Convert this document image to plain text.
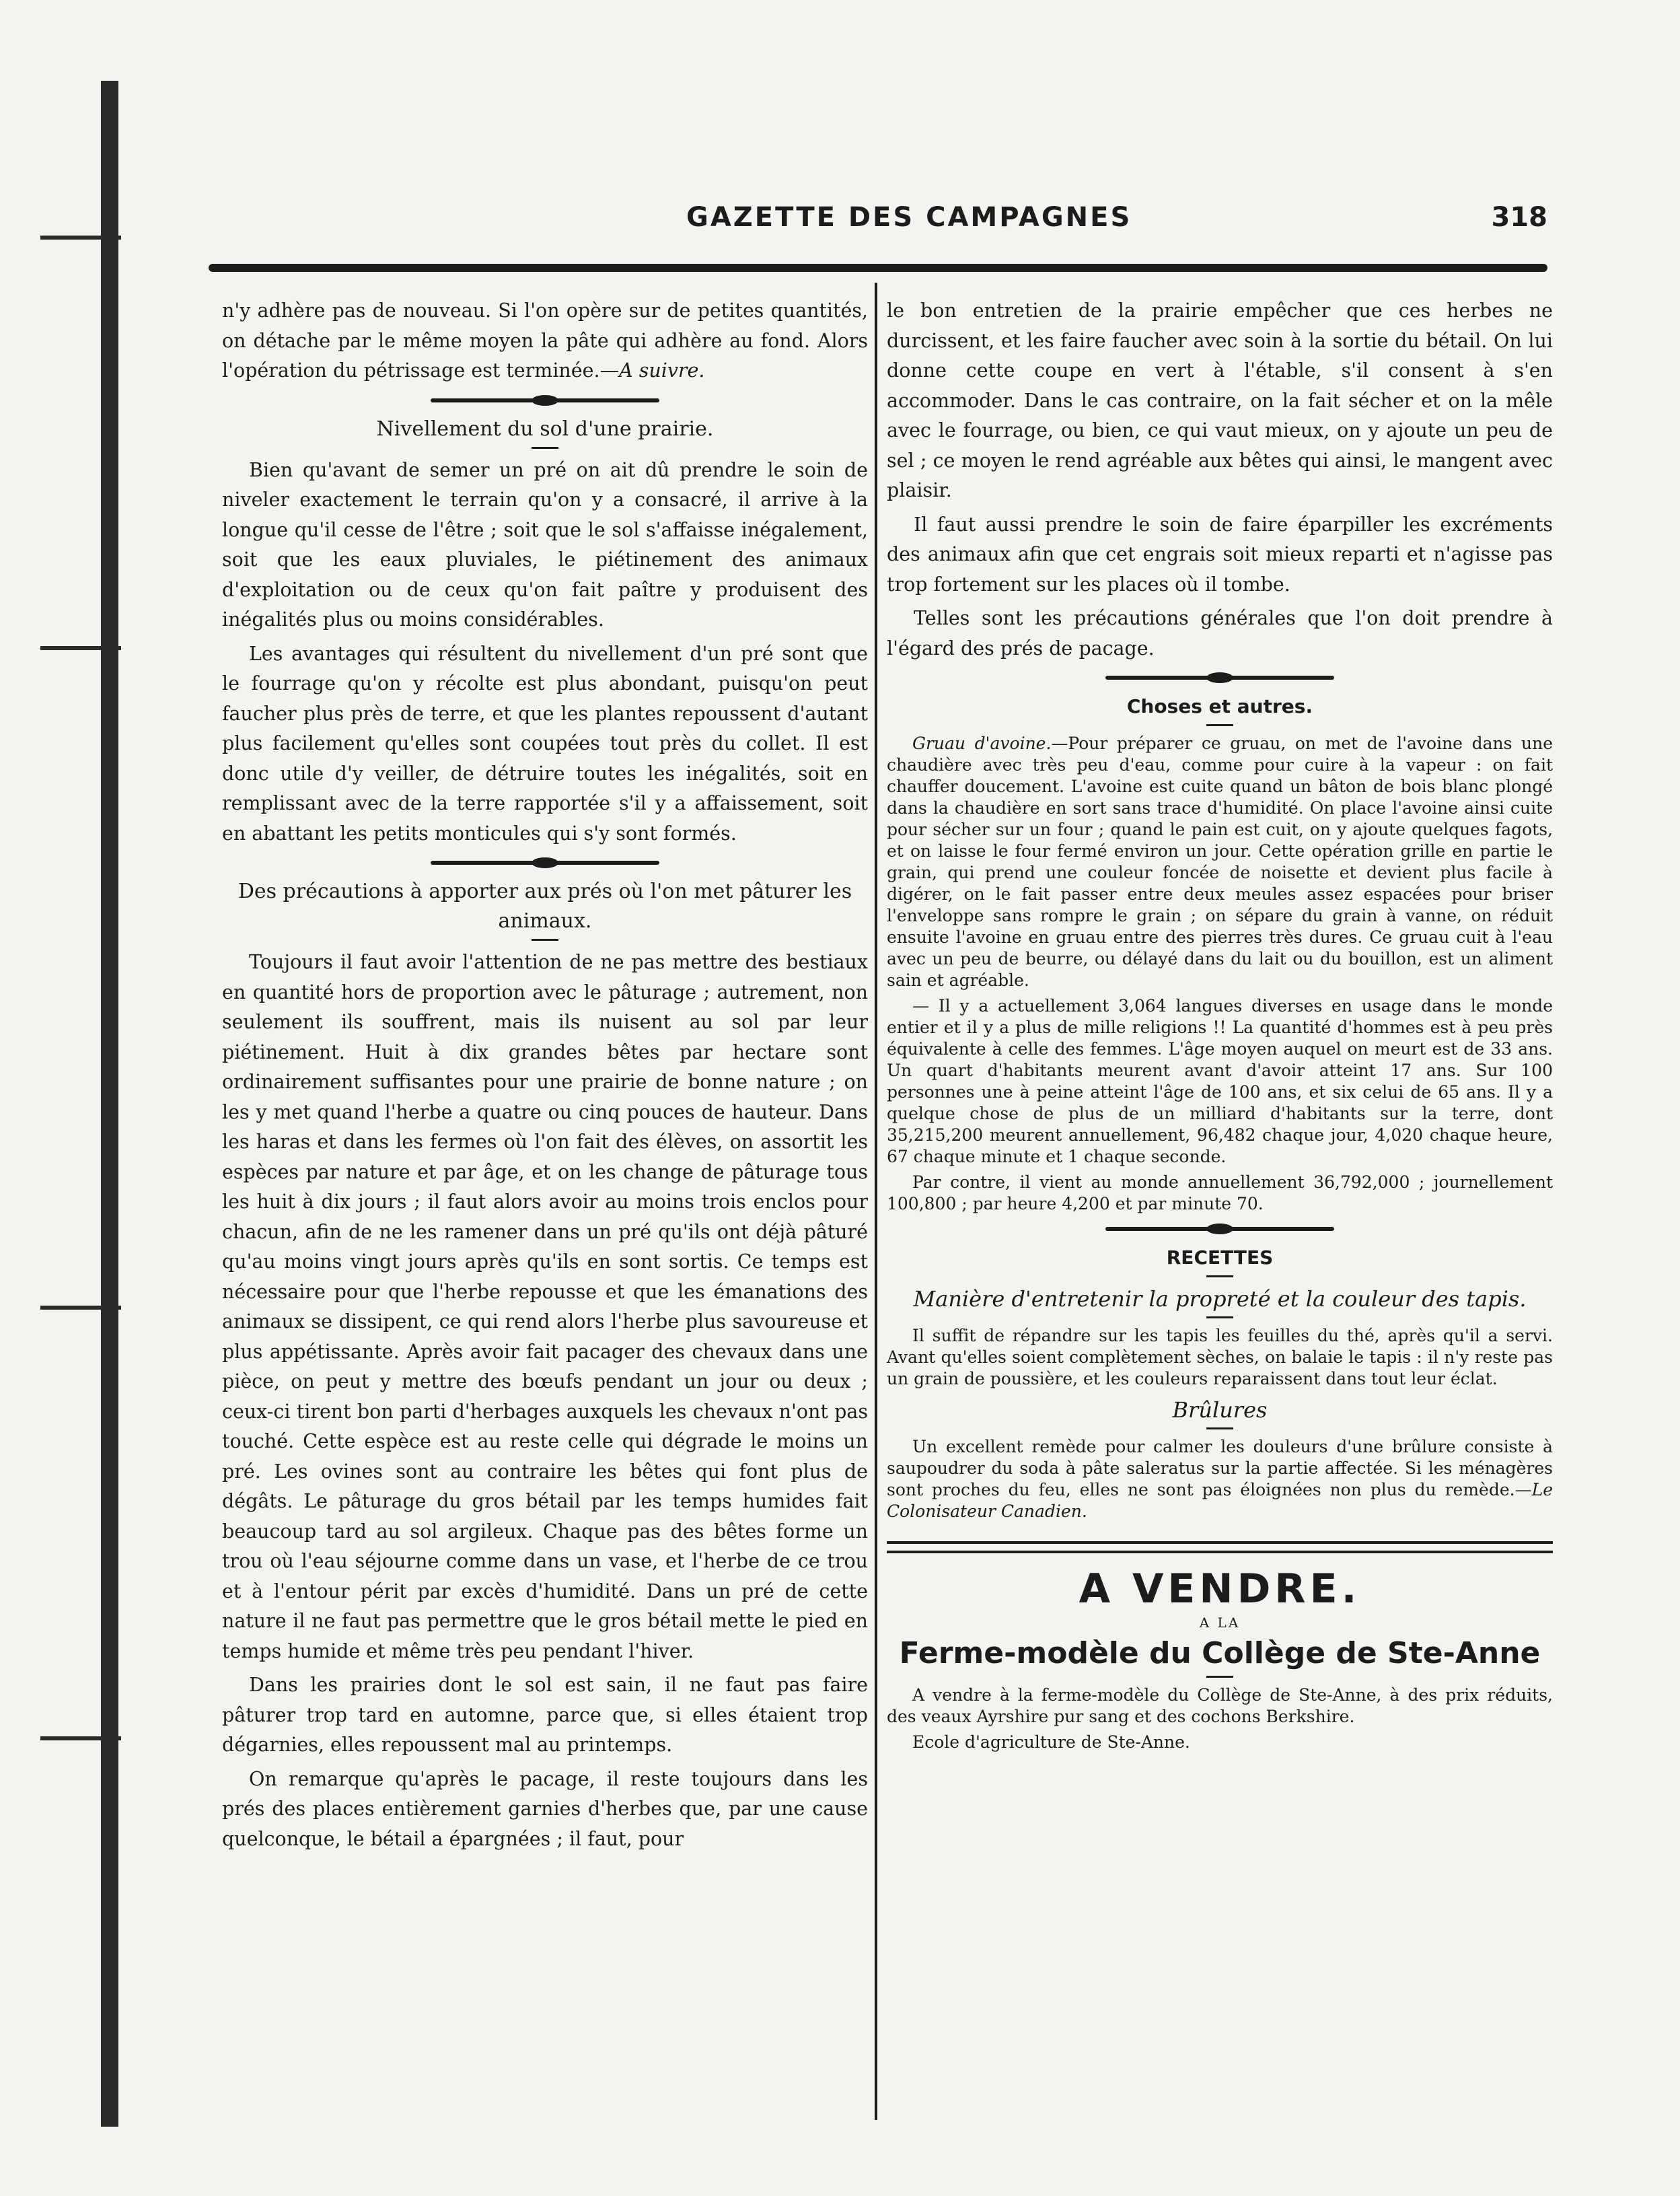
GAZETTE DES CAMPAGNES	318

n'y adhère pas de nouveau. Si l'on opère sur de petites quantités, on détache par le même moyen la pâte qui adhère au fond. Alors l'opération du pétrissage est terminée.—A suivre.

Nivellement du sol d'une prairie.

Bien qu'avant de semer un pré on ait dû prendre le soin de niveler exactement le terrain qu'on y a consacré, il arrive à la longue qu'il cesse de l'être ; soit que le sol s'affaisse inégalement, soit que les eaux pluviales, le piétinement des animaux d'exploitation ou de ceux qu'on fait paître y produisent des inégalités plus ou moins considérables.

Les avantages qui résultent du nivellement d'un pré sont que le fourrage qu'on y récolte est plus abondant, puisqu'on peut faucher plus près de terre, et que les plantes repoussent d'autant plus facilement qu'elles sont coupées tout près du collet. Il est donc utile d'y veiller, de détruire toutes les inégalités, soit en remplissant avec de la terre rapportée s'il y a affaissement, soit en abattant les petits monticules qui s'y sont formés.

Des précautions à apporter aux prés où l'on met pâturer les animaux.

Toujours il faut avoir l'attention de ne pas mettre des bestiaux en quantité hors de proportion avec le pâturage ; autrement, non seulement ils souffrent, mais ils nuisent au sol par leur piétinement. Huit à dix grandes bêtes par hectare sont ordinairement suffisantes pour une prairie de bonne nature ; on les y met quand l'herbe a quatre ou cinq pouces de hauteur. Dans les haras et dans les fermes où l'on fait des élèves, on assortit les espèces par nature et par âge, et on les change de pâturage tous les huit à dix jours ; il faut alors avoir au moins trois enclos pour chacun, afin de ne les ramener dans un pré qu'ils ont déjà pâturé qu'au moins vingt jours après qu'ils en sont sortis. Ce temps est nécessaire pour que l'herbe repousse et que les émanations des animaux se dissipent, ce qui rend alors l'herbe plus savoureuse et plus appétissante. Après avoir fait pacager des chevaux dans une pièce, on peut y mettre des bœufs pendant un jour ou deux ; ceux-ci tirent bon parti d'herbages auxquels les chevaux n'ont pas touché. Cette espèce est au reste celle qui dégrade le moins un pré. Les ovines sont au contraire les bêtes qui font plus de dégâts. Le pâturage du gros bétail par les temps humides fait beaucoup tard au sol argileux. Chaque pas des bêtes forme un trou où l'eau séjourne comme dans un vase, et l'herbe de ce trou et à l'entour périt par excès d'humidité. Dans un pré de cette nature il ne faut pas permettre que le gros bétail mette le pied en temps humide et même très peu pendant l'hiver.

Dans les prairies dont le sol est sain, il ne faut pas faire pâturer trop tard en automne, parce que, si elles étaient trop dégarnies, elles repoussent mal au printemps.

On remarque qu'après le pacage, il reste toujours dans les prés des places entièrement garnies d'herbes que, par une cause quelconque, le bétail a épargnées ; il faut, pour

le bon entretien de la prairie empêcher que ces herbes ne durcissent, et les faire faucher avec soin à la sortie du bétail. On lui donne cette coupe en vert à l'étable, s'il consent à s'en accommoder. Dans le cas contraire, on la fait sécher et on la mêle avec le fourrage, ou bien, ce qui vaut mieux, on y ajoute un peu de sel ; ce moyen le rend agréable aux bêtes qui ainsi, le mangent avec plaisir.

Il faut aussi prendre le soin de faire éparpiller les excréments des animaux afin que cet engrais soit mieux reparti et n'agisse pas trop fortement sur les places où il tombe.

Telles sont les précautions générales que l'on doit prendre à l'égard des prés de pacage.

Choses et autres.

Gruau d'avoine.—Pour préparer ce gruau, on met de l'avoine dans une chaudière avec très peu d'eau, comme pour cuire à la vapeur : on fait chauffer doucement. L'avoine est cuite quand un bâton de bois blanc plongé dans la chaudière en sort sans trace d'humidité. On place l'avoine ainsi cuite pour sécher sur un four ; quand le pain est cuit, on y ajoute quelques fagots, et on laisse le four fermé environ un jour. Cette opération grille en partie le grain, qui prend une couleur foncée de noisette et devient plus facile à digérer, on le fait passer entre deux meules assez espacées pour briser l'enveloppe sans rompre le grain ; on sépare du grain à vanne, on réduit ensuite l'avoine en gruau entre des pierres très dures. Ce gruau cuit à l'eau avec un peu de beurre, ou délayé dans du lait ou du bouillon, est un aliment sain et agréable.

— Il y a actuellement 3,064 langues diverses en usage dans le monde entier et il y a plus de mille religions !! La quantité d'hommes est à peu près équivalente à celle des femmes. L'âge moyen auquel on meurt est de 33 ans. Un quart d'habitants meurent avant d'avoir atteint 17 ans. Sur 100 personnes une à peine atteint l'âge de 100 ans, et six celui de 65 ans. Il y a quelque chose de plus de un milliard d'habitants sur la terre, dont 35,215,200 meurent annuellement, 96,482 chaque jour, 4,020 chaque heure, 67 chaque minute et 1 chaque seconde.

Par contre, il vient au monde annuellement 36,792,000 ; journellement 100,800 ; par heure 4,200 et par minute 70.

RECETTES
Manière d'entretenir la propreté et la couleur des tapis.

Il suffit de répandre sur les tapis les feuilles du thé, après qu'il a servi. Avant qu'elles soient complètement sèches, on balaie le tapis : il n'y reste pas un grain de poussière, et les couleurs reparaissent dans tout leur éclat.

Brûlures

Un excellent remède pour calmer les douleurs d'une brûlure consiste à saupoudrer du soda à pâte saleratus sur la partie affectée. Si les ménagères sont proches du feu, elles ne sont pas éloignées non plus du remède.—Le Colonisateur Canadien.

A VENDRE.
A LA
Ferme-modèle du Collège de Ste-Anne

A vendre à la ferme-modèle du Collège de Ste-Anne, à des prix réduits, des veaux Ayrshire pur sang et des cochons Berkshire.

Ecole d'agriculture de Ste-Anne.
